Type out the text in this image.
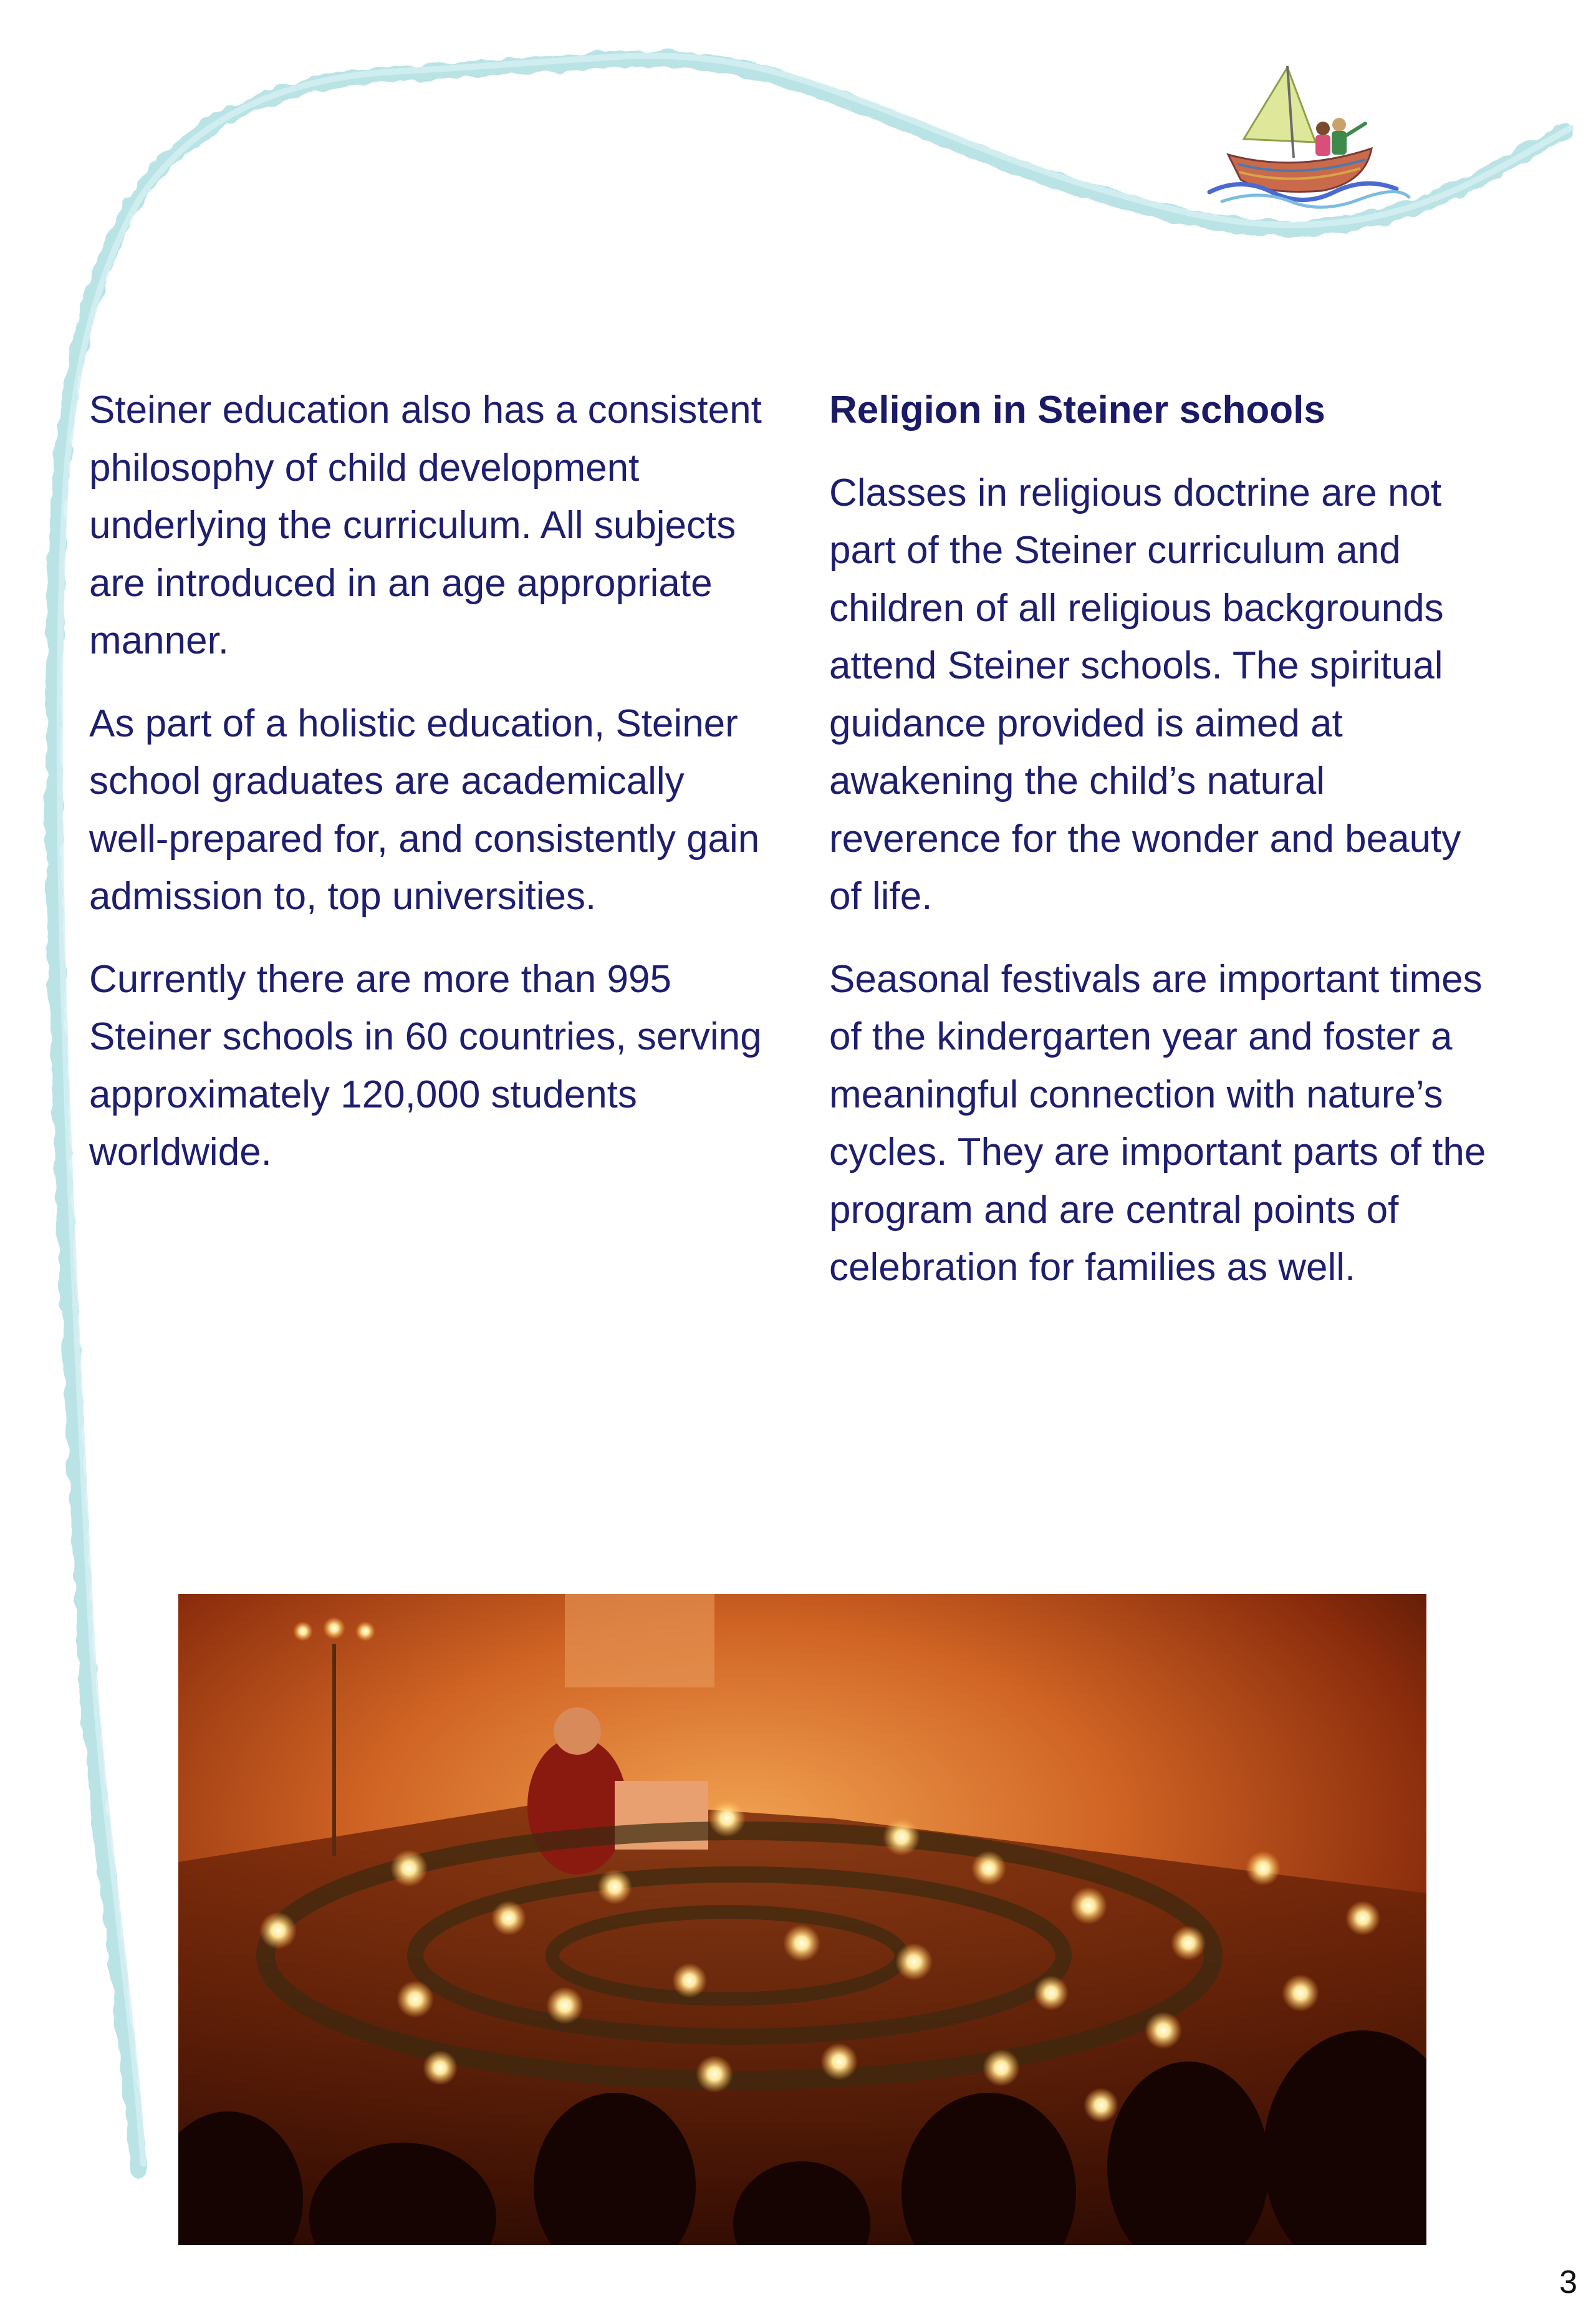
Steiner education also has a consistent philosophy of child development underlying the curriculum. All subjects are introduced in an age appropriate manner.

As part of a holistic education, Steiner school graduates are academically well-prepared for, and consistently gain admission to, top universities.

Currently there are more than 995 Steiner schools in 60 countries, serving approximately 120,000 students worldwide.

Religion in Steiner schools

Classes in religious doctrine are not part of the Steiner curriculum and children of all religious backgrounds attend Steiner schools. The spiritual guidance provided is aimed at awakening the child’s natural reverence for the wonder and beauty of life.

Seasonal festivals are important times of the kindergarten year and foster a meaningful connection with nature’s cycles. They are important parts of the program and are central points of celebration for families as well.

3
